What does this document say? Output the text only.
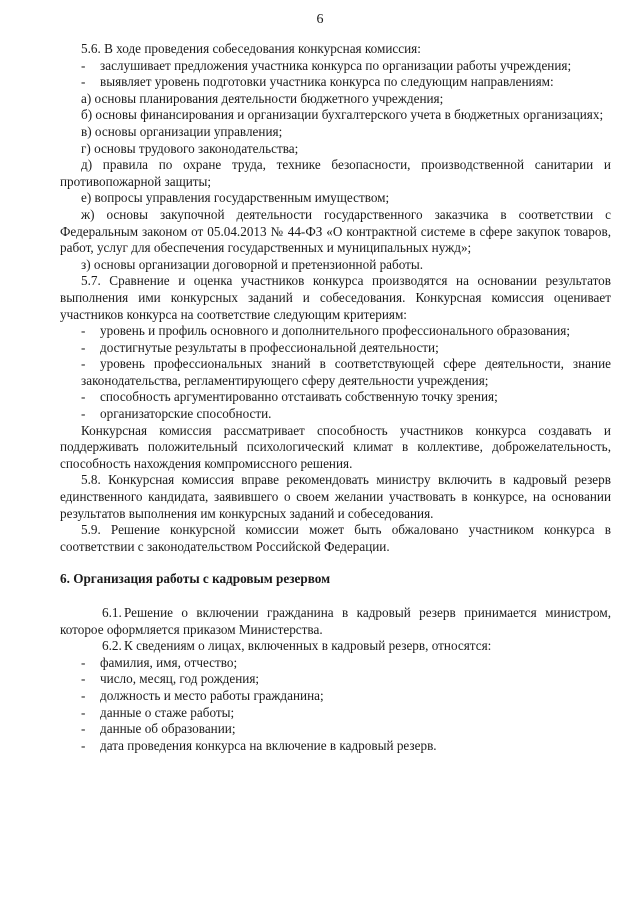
6

5.6. В ходе проведения собеседования конкурсная комиссия:

- заслушивает предложения участника конкурса по организации работы учреждения;

- выявляет уровень подготовки участника конкурса по следующим направлениям:

а) основы планирования деятельности бюджетного учреждения;

б) основы финансирования и организации бухгалтерского учета в бюджетных организациях;

в) основы организации управления;

г) основы трудового законодательства;

д) правила по охране труда, технике безопасности, производственной санитарии и противопожарной защиты;

е) вопросы управления государственным имуществом;

ж) основы закупочной деятельности государственного заказчика в соответствии с Федеральным законом от 05.04.2013 № 44-ФЗ «О контрактной системе в сфере закупок товаров, работ, услуг для обеспечения государственных и муниципальных нужд»;

з) основы организации договорной и претензионной работы.

5.7. Сравнение и оценка участников конкурса производятся на основании результатов выполнения ими конкурсных заданий и собеседования. Конкурсная комиссия оценивает участников конкурса на соответствие следующим критериям:

- уровень и профиль основного и дополнительного профессионального образования;

- достигнутые результаты в профессиональной деятельности;

- уровень профессиональных знаний в соответствующей сфере деятельности, знание законодательства, регламентирующего сферу деятельности учреждения;

- способность аргументированно отстаивать собственную точку зрения;

- организаторские способности.

Конкурсная комиссия рассматривает способность участников конкурса создавать и поддерживать положительный психологический климат в коллективе, доброжелательность, способность нахождения компромиссного решения.

5.8. Конкурсная комиссия вправе рекомендовать министру включить в кадровый резерв единственного кандидата, заявившего о своем желании участвовать в конкурсе, на основании результатов выполнения им конкурсных заданий и собеседования.

5.9. Решение конкурсной комиссии может быть обжаловано участником конкурса в соответствии с законодательством Российской Федерации.

6. Организация работы с кадровым резервом

6.1. Решение о включении гражданина в кадровый резерв принимается министром, которое оформляется приказом Министерства.

6.2. К сведениям о лицах, включенных в кадровый резерв, относятся:

- фамилия, имя, отчество;

- число, месяц, год рождения;

- должность и место работы гражданина;

- данные о стаже работы;

- данные об образовании;

- дата проведения конкурса на включение в кадровый резерв.
